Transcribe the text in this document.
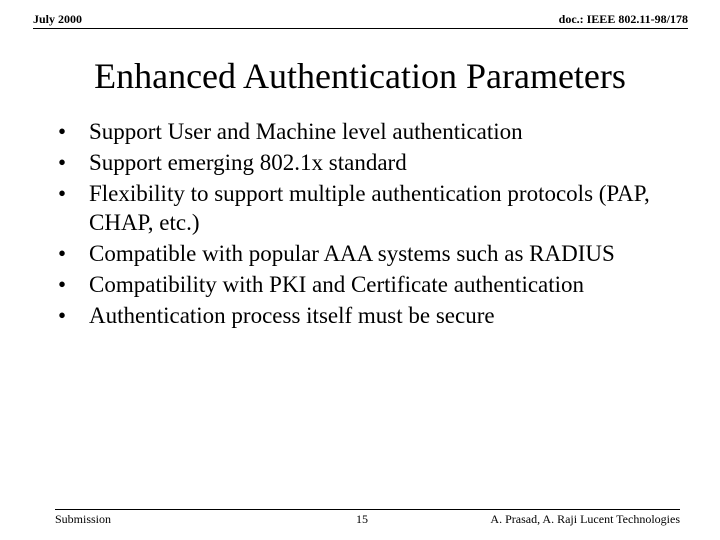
July 2000	doc.: IEEE 802.11-98/178
Enhanced Authentication Parameters
• Support User and Machine level authentication
• Support emerging 802.1x standard
• Flexibility to support multiple authentication protocols (PAP, CHAP, etc.)
• Compatible with popular AAA systems such as RADIUS
• Compatibility with PKI and Certificate authentication
• Authentication process itself must be secure
Submission	15	A. Prasad, A. Raji Lucent Technologies
